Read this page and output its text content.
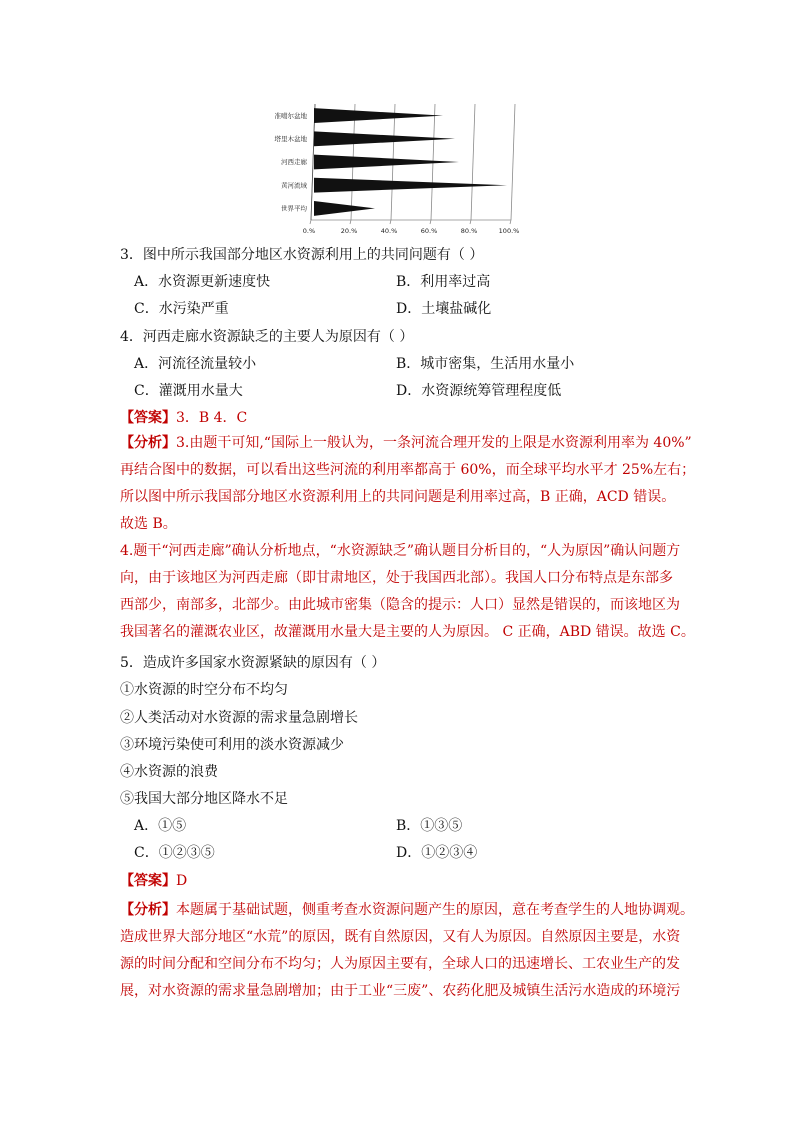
0.%	20.%	40.%	60.%	80.%	100.%
准噶尔盆地
塔里木盆地
河西走廊
黄河流域
世界平均
3．图中所示我国部分地区水资源利用上的共同问题有（ ）
A．水资源更新速度快	B．利用率过高
C．水污染严重	D．土壤盐碱化
4．河西走廊水资源缺乏的主要人为原因有（ ）
A．河流径流量较小	B．城市密集，生活用水量小
C．灌溉用水量大	D．水资源统筹管理程度低
【答案】3．B 4．C
【分析】3.由题干可知,“国际上一般认为，一条河流合理开发的上限是水资源利用率为 40%”
再结合图中的数据，可以看出这些河流的利用率都高于 60%，而全球平均水平才 25%左右；
所以图中所示我国部分地区水资源利用上的共同问题是利用率过高，B 正确，ACD 错误。
故选 B。
4.题干“河西走廊”确认分析地点，“水资源缺乏”确认题目分析目的，“人为原因”确认问题方
向，由于该地区为河西走廊（即甘肃地区，处于我国西北部）。我国人口分布特点是东部多
西部少，南部多，北部少。由此城市密集（隐含的提示：人口）显然是错误的，而该地区为
我国著名的灌溉农业区，故灌溉用水量大是主要的人为原因。 C 正确，ABD 错误。故选 C。
5．造成许多国家水资源紧缺的原因有（ ）
①水资源的时空分布不均匀
②人类活动对水资源的需求量急剧增长
③环境污染使可利用的淡水资源减少
④水资源的浪费
⑤我国大部分地区降水不足
A．①⑤	B．①③⑤
C．①②③⑤	D．①②③④
【答案】D
【分析】本题属于基础试题，侧重考查水资源问题产生的原因，意在考查学生的人地协调观。
造成世界大部分地区“水荒”的原因，既有自然原因，又有人为原因。自然原因主要是，水资
源的时间分配和空间分布不均匀；人为原因主要有，全球人口的迅速增长、工农业生产的发
展，对水资源的需求量急剧增加；由于工业“三废”、农药化肥及城镇生活污水造成的环境污
